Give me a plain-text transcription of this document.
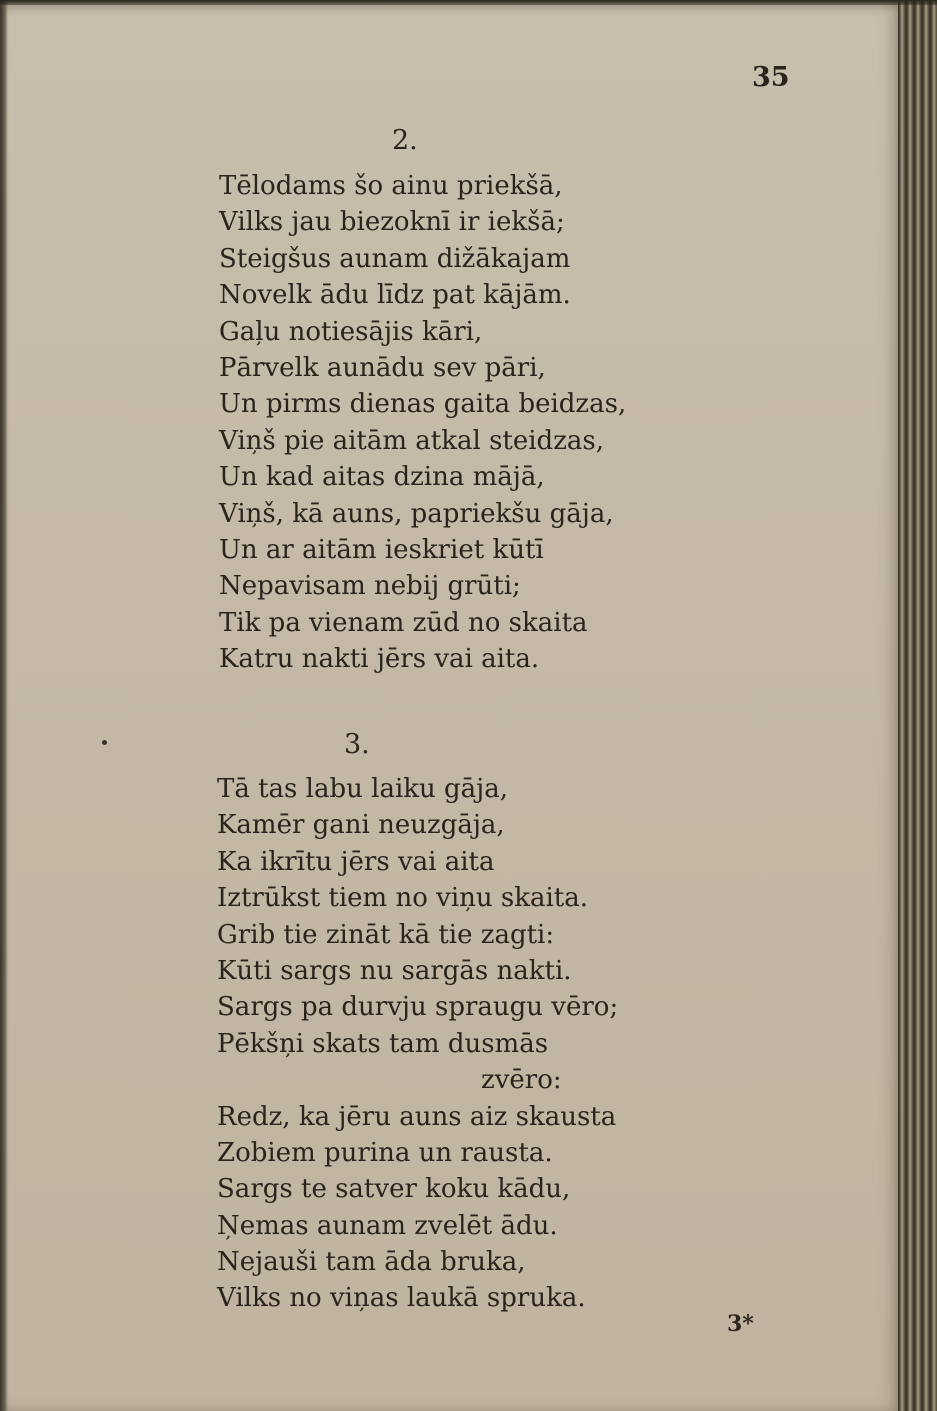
35
2.
Tēlodams šo ainu priekšā,
Vilks jau biezoknī ir iekšā;
Steigšus aunam dižākajam
Novelk ādu līdz pat kājām.
Gaļu notiesājis kāri,
Pārvelk aunādu sev pāri,
Un pirms dienas gaita beidzas,
Viņš pie aitām atkal steidzas,
Un kad aitas dzina mājā,
Viņš, kā auns, papriekšu gāja,
Un ar aitām ieskriet kūtī
Nepavisam nebij grūti;
Tik pa vienam zūd no skaita
Katru nakti jērs vai aita.
3.
Tā tas labu laiku gāja,
Kamēr gani neuzgāja,
Ka ikrītu jērs vai aita
Iztrūkst tiem no viņu skaita.
Grib tie zināt kā tie zagti:
Kūti sargs nu sargās nakti.
Sargs pa durvju spraugu vēro;
Pēkšņi skats tam dusmās
zvēro:
Redz, ka jēru auns aiz skausta
Zobiem purina un rausta.
Sargs te satver koku kādu,
Ņemas aunam zvelēt ādu.
Nejauši tam āda bruka,
Vilks no viņas laukā spruka.
3*
